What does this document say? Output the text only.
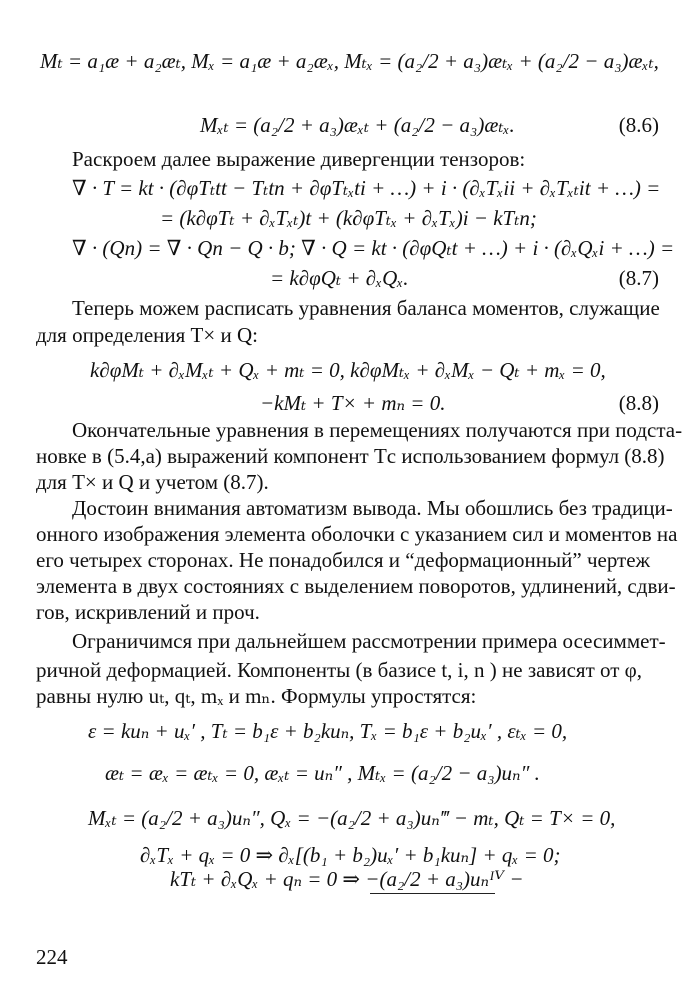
Mₜ = a₁æ + a₂æₜ, Mₓ = a₁æ + a₂æₓ, Mₜₓ = (a₂/2 + a₃)æₜₓ + (a₂/2 − a₃)æₓₜ,
Mₓₜ = (a₂/2 + a₃)æₓₜ + (a₂/2 − a₃)æₜₓ.	(8.6)
Раскроем далее выражение дивергенции тензоров:
∇ · T = kt · (∂φTₜtt − Tₜtn + ∂φTₜₓti + …) + i · (∂ₓTₓii + ∂ₓTₓₜit + …) =
= (k∂φTₜ + ∂ₓTₓₜ)t + (k∂φTₜₓ + ∂ₓTₓ)i − kTₜn;
∇ · (Qn) = ∇ · Qn − Q · b; ∇ · Q = kt · (∂φQₜt + …) + i · (∂ₓQₓi + …) =
= k∂φQₜ + ∂ₓQₓ.	(8.7)
Теперь можем расписать уравнения баланса моментов, служащие
для определения T× и Q:
k∂φMₜ + ∂ₓMₓₜ + Qₓ + mₜ = 0, k∂φMₜₓ + ∂ₓMₓ − Qₜ + mₓ = 0,
−kMₜ + T× + mₙ = 0.	(8.8)
Окончательные уравнения в перемещениях получаются при подста-
новке в (5.4,а) выражений компонент Tс использованием формул (8.8)
для T× и Q и учетом (8.7).
Достоин внимания автоматизм вывода. Мы обошлись без традици-
онного изображения элемента оболочки с указанием сил и моментов на
его четырех сторонах. Не понадобился и “деформационный” чертеж
элемента в двух состояниях с выделением поворотов, удлинений, сдви-
гов, искривлений и проч.
Ограничимся при дальнейшем рассмотрении примера осесиммет-
ричной деформацией. Компоненты (в базисе t, i, n ) не зависят от φ,
равны нулю uₜ, qₜ, mₓ и mₙ. Формулы упростятся:
ε = kuₙ + uₓ′ , Tₜ = b₁ε + b₂kuₙ, Tₓ = b₁ε + b₂uₓ′ , εₜₓ = 0,
æₜ = æₓ = æₜₓ = 0, æₓₜ = uₙ″ , Mₜₓ = (a₂/2 − a₃)uₙ″ .
Mₓₜ = (a₂/2 + a₃)uₙ″, Qₓ = −(a₂/2 + a₃)uₙ‴ − mₜ, Qₜ = T× = 0,
∂ₓTₓ + qₓ = 0 ⇒ ∂ₓ[(b₁ + b₂)uₓ′ + b₁kuₙ] + qₓ = 0;
kTₜ + ∂ₓQₓ + qₙ = 0 ⇒ −(a₂/2 + a₃)uₙᴵⱽ −
224
